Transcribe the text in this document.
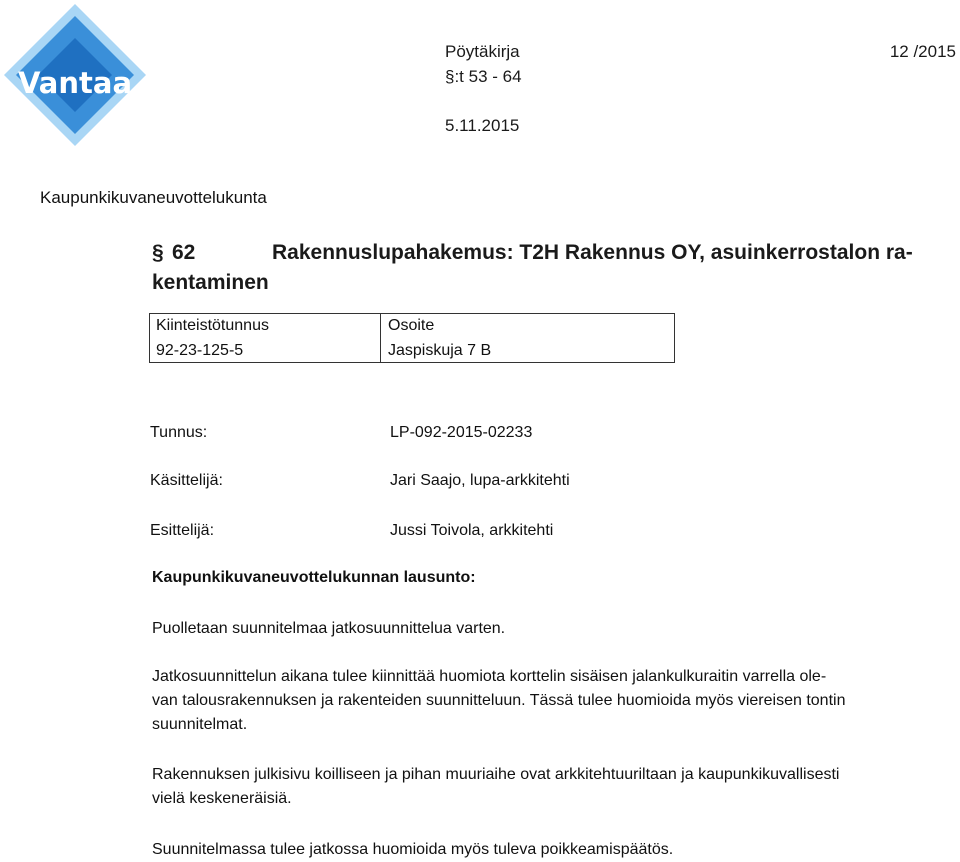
Vantaa
Pöytäkirja	12 /2015
§:t 53 - 64
5.11.2015
Kaupunkikuvaneuvottelukunta
§ 62	Rakennuslupahakemus: T2H Rakennus OY, asuinkerrostalon ra-
kentaminen
Kiinteistötunnus	Osoite
92-23-125-5	Jaspiskuja 7 B
Tunnus:	LP-092-2015-02233
Käsittelijä:	Jari Saajo, lupa-arkkitehti
Esittelijä:	Jussi Toivola, arkkitehti
Kaupunkikuvaneuvottelukunnan lausunto:
Puolletaan suunnitelmaa jatkosuunnittelua varten.
Jatkosuunnittelun aikana tulee kiinnittää huomiota korttelin sisäisen jalankulkuraitin varrella ole-
van talousrakennuksen ja rakenteiden suunnitteluun. Tässä tulee huomioida myös viereisen tontin
suunnitelmat.
Rakennuksen julkisivu koilliseen ja pihan muuriaihe ovat arkkitehtuuriltaan ja kaupunkikuvallisesti
vielä keskeneräisiä.
Suunnitelmassa tulee jatkossa huomioida myös tuleva poikkeamispäätös.
